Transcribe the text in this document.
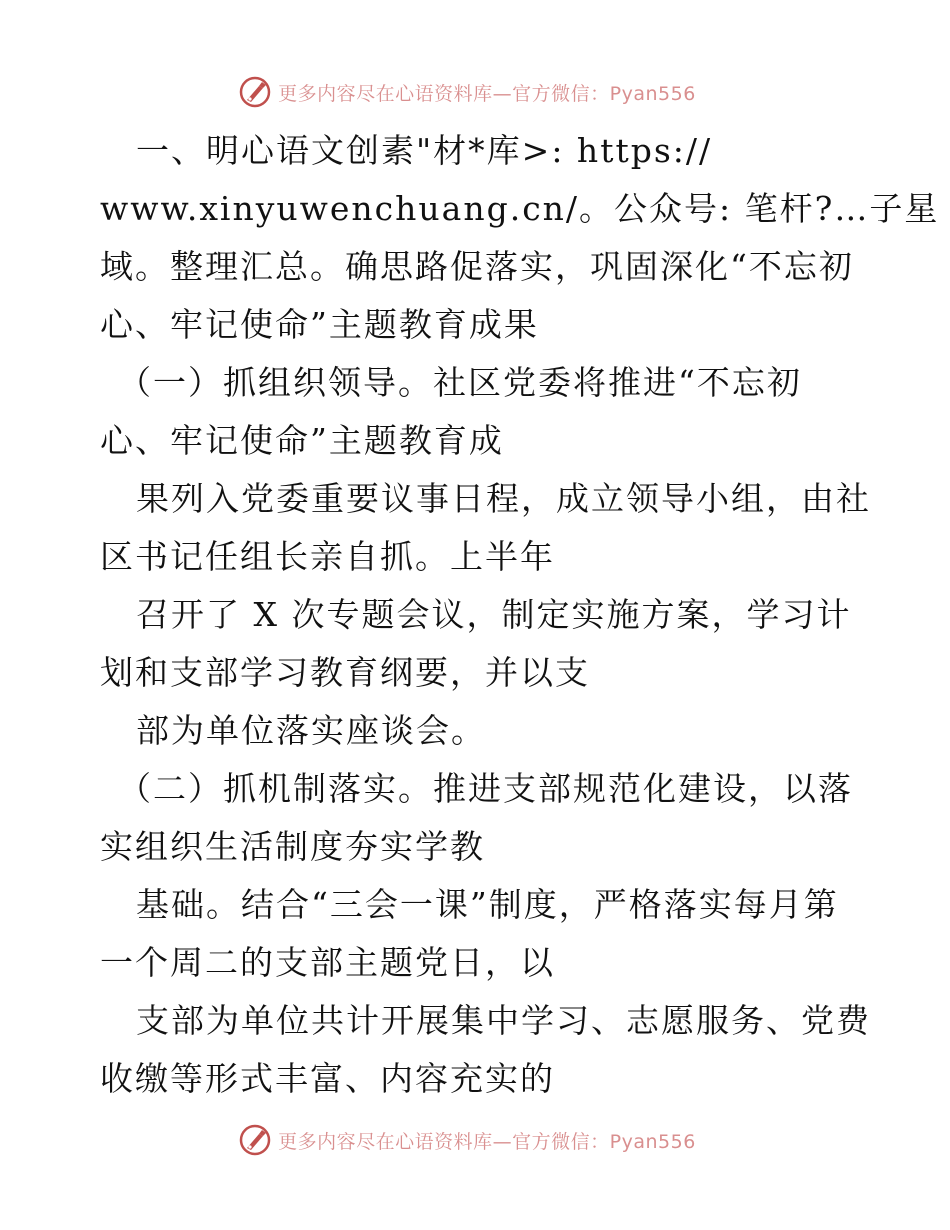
更多内容尽在心语资料库—官方微信：Pyan556
一、明心语文创素"材*库>: https://
www.xinyuwenchuang.cn/。公众号: 笔杆?…子星
域。整理汇总。确思路促落实，巩固深化“不忘初
心、牢记使命”主题教育成果
（一）抓组织领导。社区党委将推进“不忘初
心、牢记使命”主题教育成
果列入党委重要议事日程，成立领导小组，由社
区书记任组长亲自抓。上半年
召开了 X 次专题会议，制定实施方案，学习计
划和支部学习教育纲要，并以支
部为单位落实座谈会。
（二）抓机制落实。推进支部规范化建设，以落
实组织生活制度夯实学教
基础。结合“三会一课”制度，严格落实每月第
一个周二的支部主题党日，以
支部为单位共计开展集中学习、志愿服务、党费
收缴等形式丰富、内容充实的
更多内容尽在心语资料库—官方微信：Pyan556
